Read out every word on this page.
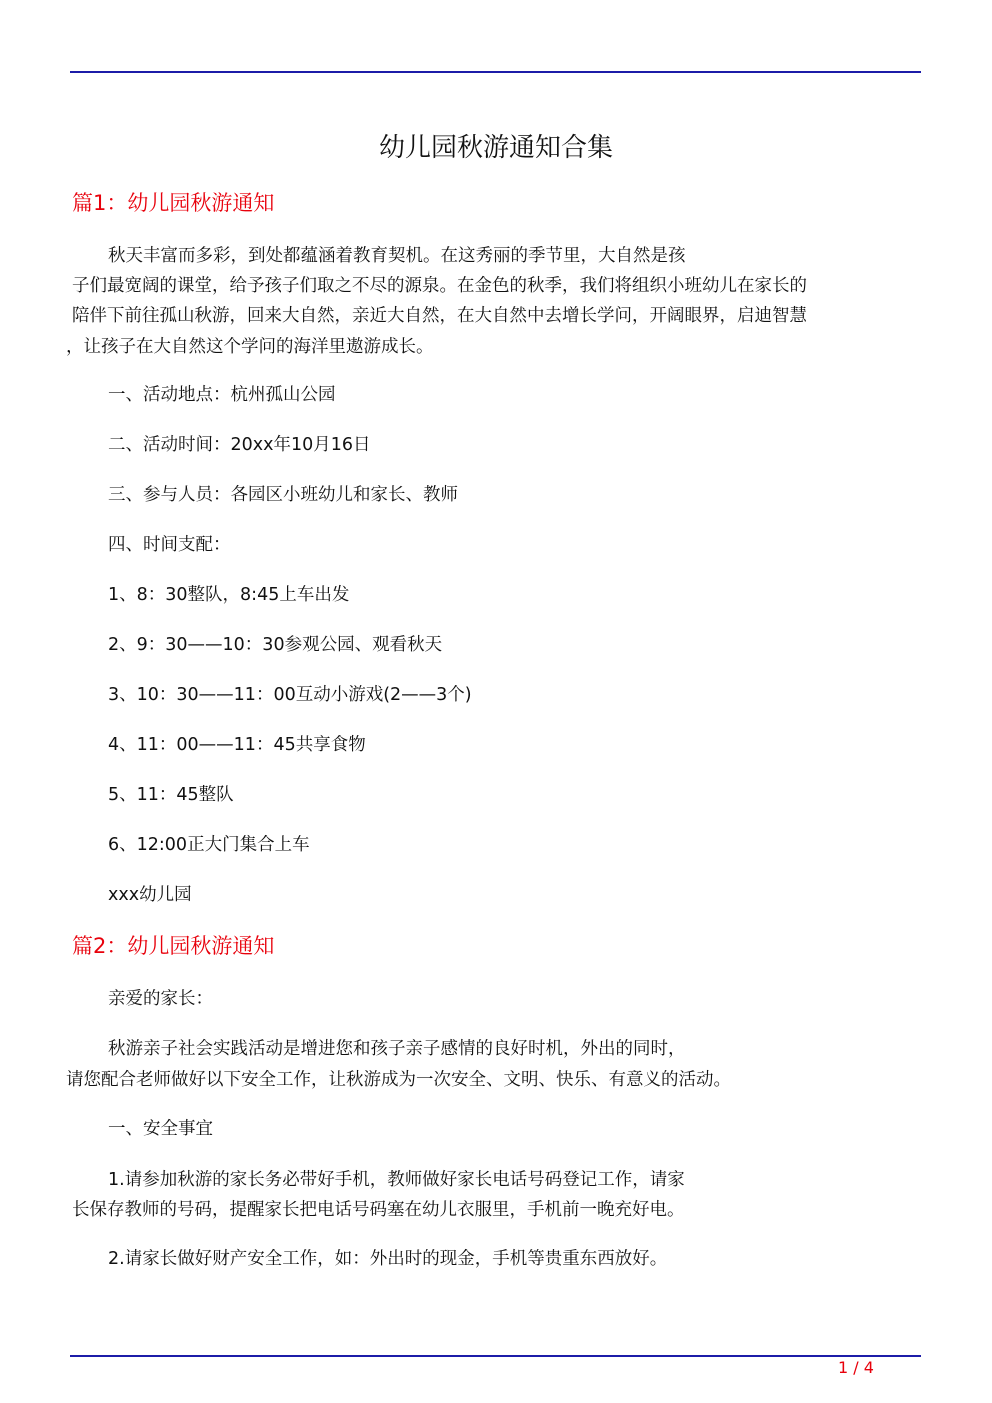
幼儿园秋游通知合集
篇1：幼儿园秋游通知
秋天丰富而多彩，到处都蕴涵着教育契机。在这秀丽的季节里，大自然是孩
子们最宽阔的课堂，给予孩子们取之不尽的源泉。在金色的秋季，我们将组织小班幼儿在家长的
陪伴下前往孤山秋游，回来大自然，亲近大自然，在大自然中去增长学问，开阔眼界，启迪智慧
，让孩子在大自然这个学问的海洋里遨游成长。
一、活动地点：杭州孤山公园
二、活动时间：20xx年10月16日
三、参与人员：各园区小班幼儿和家长、教师
四、时间支配：
1、8：30整队，8:45上车出发
2、9：30——10：30参观公园、观看秋天
3、10：30——11：00互动小游戏(2——3个)
4、11：00——11：45共享食物
5、11：45整队
6、12:00正大门集合上车
xxx幼儿园
篇2：幼儿园秋游通知
亲爱的家长：
秋游亲子社会实践活动是增进您和孩子亲子感情的良好时机，外出的同时，
请您配合老师做好以下安全工作，让秋游成为一次安全、文明、快乐、有意义的活动。
一、安全事宜
1.请参加秋游的家长务必带好手机，教师做好家长电话号码登记工作，请家
长保存教师的号码，提醒家长把电话号码塞在幼儿衣服里，手机前一晚充好电。
2.请家长做好财产安全工作，如：外出时的现金，手机等贵重东西放好。
1 / 4
